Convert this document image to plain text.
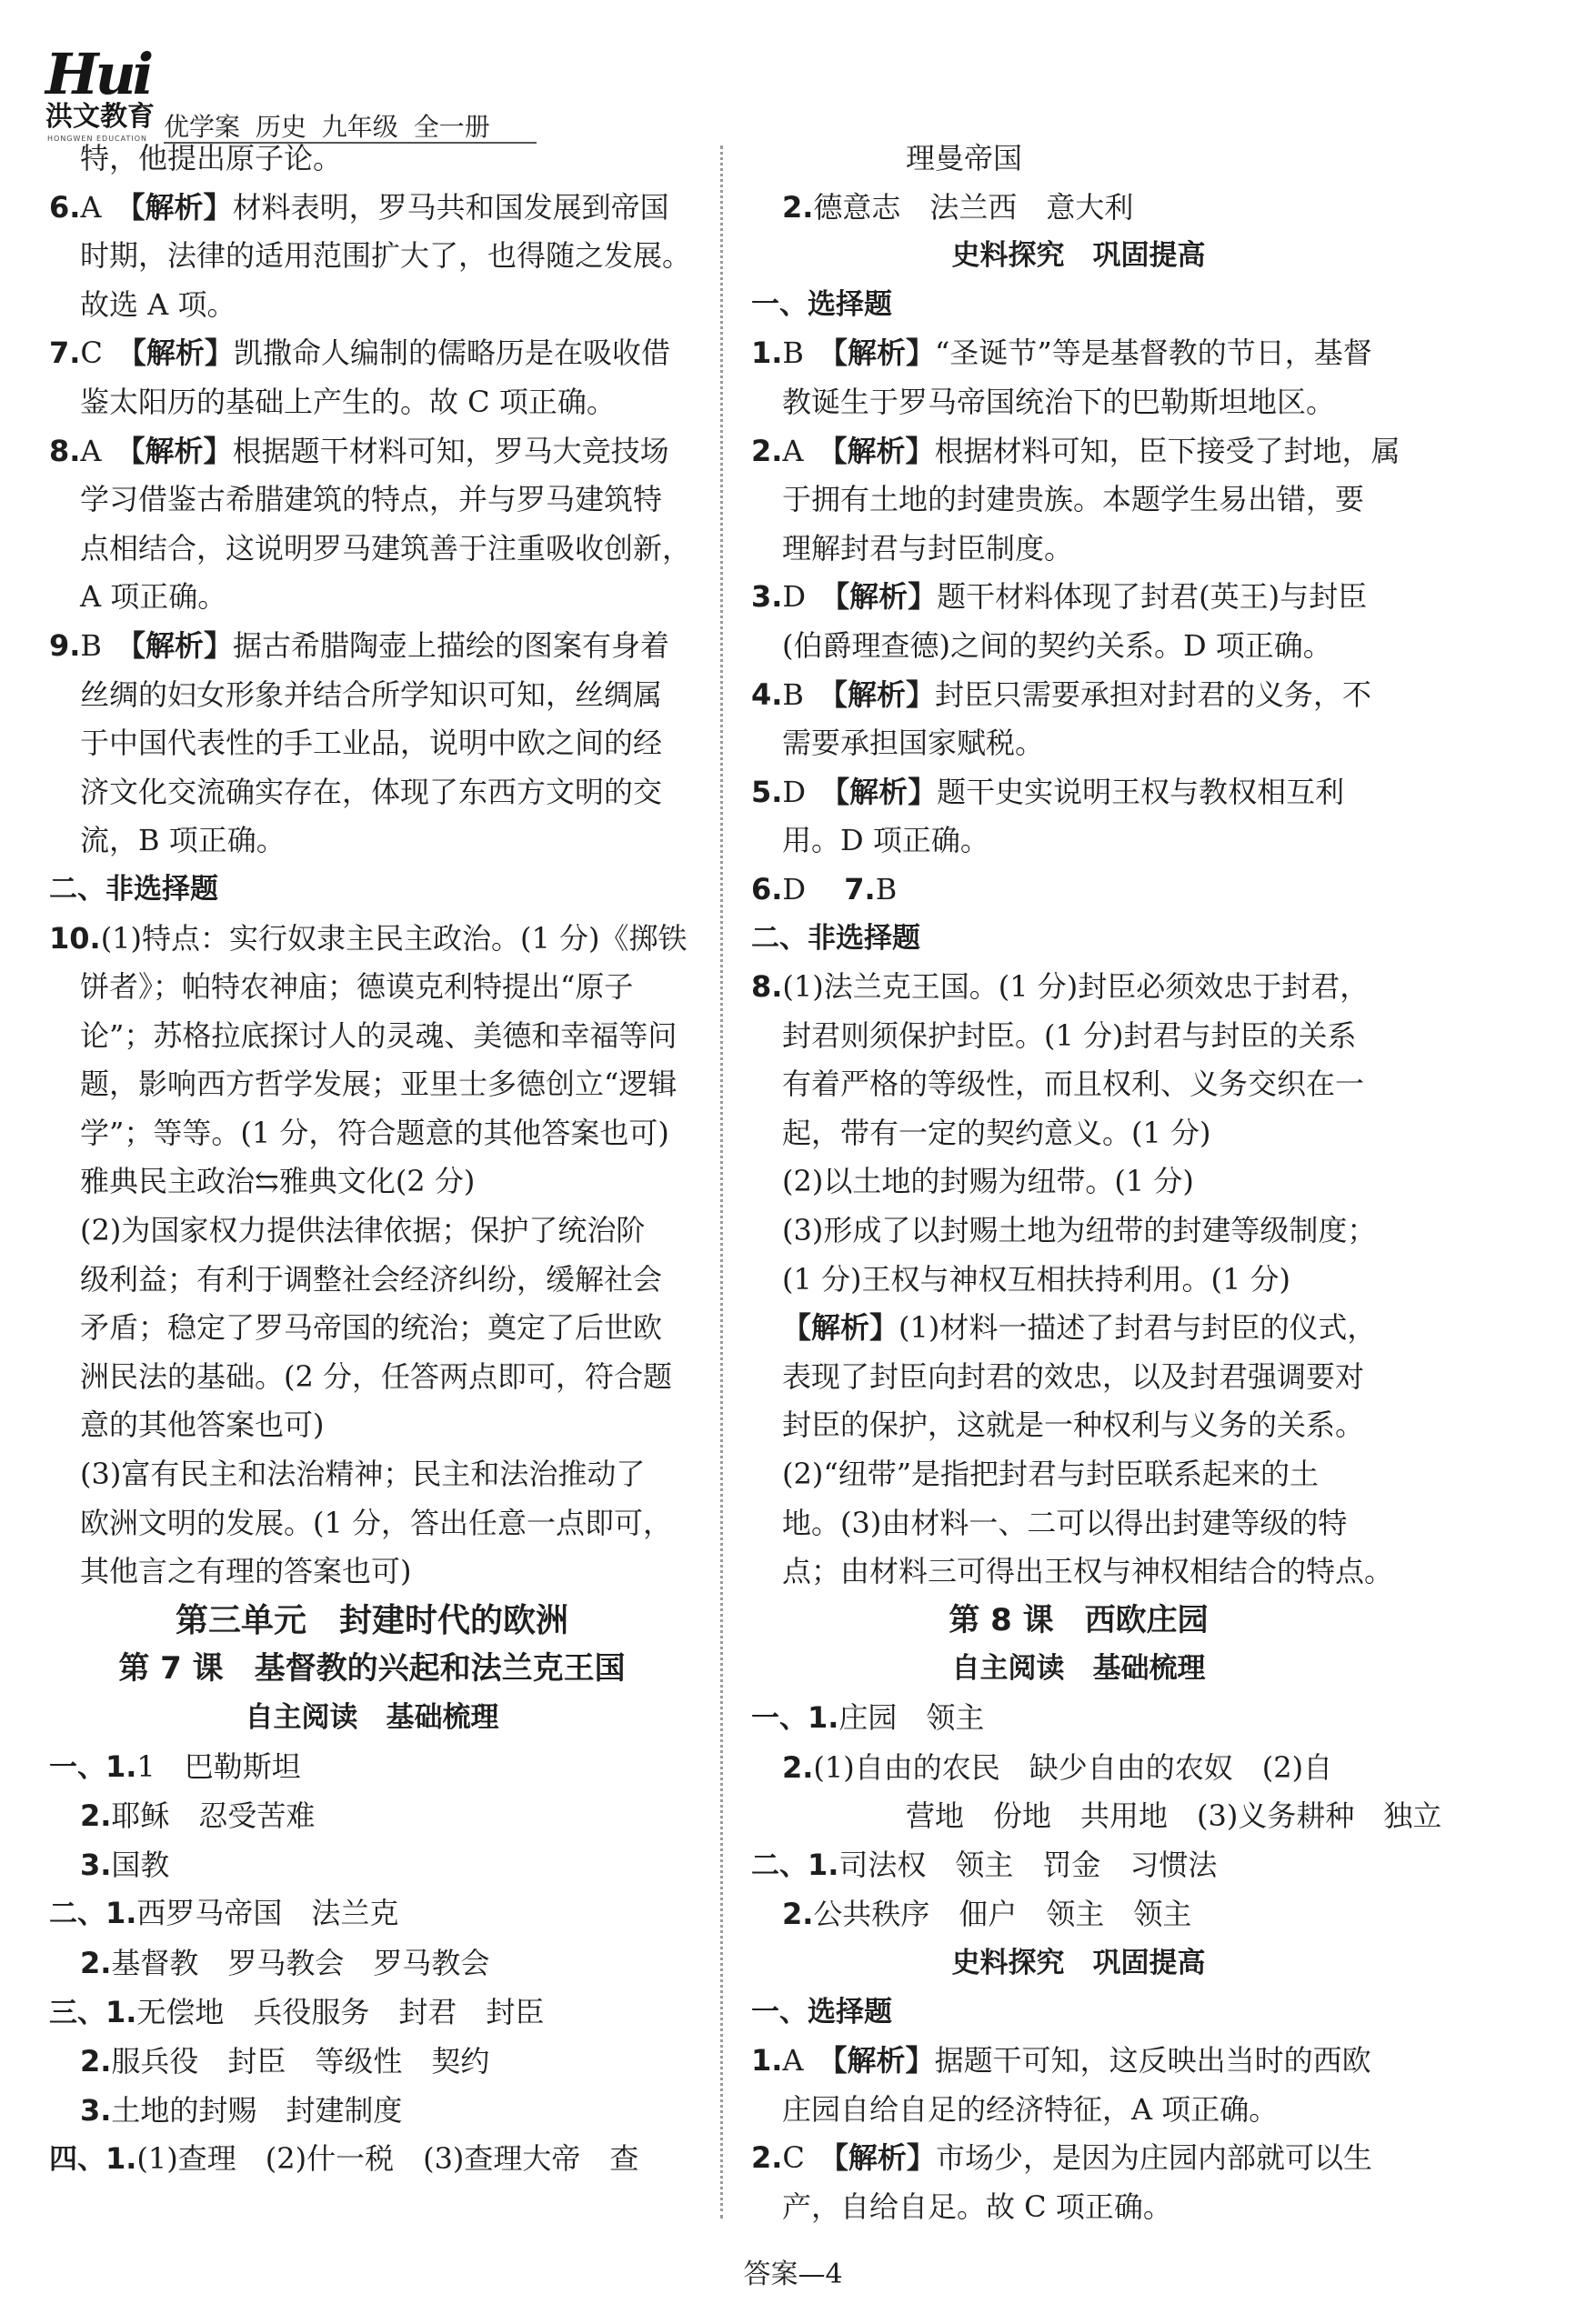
Hui
洪文教育
HONGWEN EDUCATION 优学案 历史 九年级 全一册
特，他提出原子论。
6.A　【解析】材料表明，罗马共和国发展到帝国
时期，法律的适用范围扩大了，也得随之发展。
故选 A 项。
7.C　【解析】凯撒命人编制的儒略历是在吸收借
鉴太阳历的基础上产生的。故 C 项正确。
8.A　【解析】根据题干材料可知，罗马大竞技场
学习借鉴古希腊建筑的特点，并与罗马建筑特
点相结合，这说明罗马建筑善于注重吸收创新，
A 项正确。
9.B　【解析】据古希腊陶壶上描绘的图案有身着
丝绸的妇女形象并结合所学知识可知，丝绸属
于中国代表性的手工业品，说明中欧之间的经
济文化交流确实存在，体现了东西方文明的交
流，B 项正确。
二、非选择题
10.(1)特点：实行奴隶主民主政治。(1 分)《掷铁
饼者》；帕特农神庙；德谟克利特提出“原子
论”；苏格拉底探讨人的灵魂、美德和幸福等问
题，影响西方哲学发展；亚里士多德创立“逻辑
学”；等等。(1 分，符合题意的其他答案也可)
雅典民主政治⇆雅典文化(2 分)
(2)为国家权力提供法律依据；保护了统治阶
级利益；有利于调整社会经济纠纷，缓解社会
矛盾；稳定了罗马帝国的统治；奠定了后世欧
洲民法的基础。(2 分，任答两点即可，符合题
意的其他答案也可)
(3)富有民主和法治精神；民主和法治推动了
欧洲文明的发展。(1 分，答出任意一点即可，
其他言之有理的答案也可)
第三单元　封建时代的欧洲
第 7 课　基督教的兴起和法兰克王国
自主阅读　基础梳理
一、1.1　巴勒斯坦
2.耶稣　忍受苦难
3.国教
二、1.西罗马帝国　法兰克
2.基督教　罗马教会　罗马教会
三、1.无偿地　兵役服务　封君　封臣
2.服兵役　封臣　等级性　契约
3.土地的封赐　封建制度
四、1.(1)查理　(2)什一税　(3)查理大帝　查
理曼帝国
2.德意志　法兰西　意大利
史料探究　巩固提高
一、选择题
1.B　【解析】“圣诞节”等是基督教的节日，基督
教诞生于罗马帝国统治下的巴勒斯坦地区。
2.A　【解析】根据材料可知，臣下接受了封地，属
于拥有土地的封建贵族。本题学生易出错，要
理解封君与封臣制度。
3.D　【解析】题干材料体现了封君(英王)与封臣
(伯爵理查德)之间的契约关系。D 项正确。
4.B　【解析】封臣只需要承担对封君的义务，不
需要承担国家赋税。
5.D　【解析】题干史实说明王权与教权相互利
用。D 项正确。
6.D　 7.B
二、非选择题
8.(1)法兰克王国。(1 分)封臣必须效忠于封君，
封君则须保护封臣。(1 分)封君与封臣的关系
有着严格的等级性，而且权利、义务交织在一
起，带有一定的契约意义。(1 分)
(2)以土地的封赐为纽带。(1 分)
(3)形成了以封赐土地为纽带的封建等级制度；
(1 分)王权与神权互相扶持利用。(1 分)
【解析】(1)材料一描述了封君与封臣的仪式，
表现了封臣向封君的效忠，以及封君强调要对
封臣的保护，这就是一种权利与义务的关系。
(2)“纽带”是指把封君与封臣联系起来的土
地。(3)由材料一、二可以得出封建等级的特
点；由材料三可得出王权与神权相结合的特点。
第 8 课　西欧庄园
自主阅读　基础梳理
一、1.庄园　领主
2.(1)自由的农民　缺少自由的农奴　(2)自
营地　份地　共用地　(3)义务耕种　独立
二、1.司法权　领主　罚金　习惯法
2.公共秩序　佃户　领主　领主
史料探究　巩固提高
一、选择题
1.A　【解析】据题干可知，这反映出当时的西欧
庄园自给自足的经济特征，A 项正确。
2.C　【解析】市场少，是因为庄园内部就可以生
产，自给自足。故 C 项正确。
答案—4
